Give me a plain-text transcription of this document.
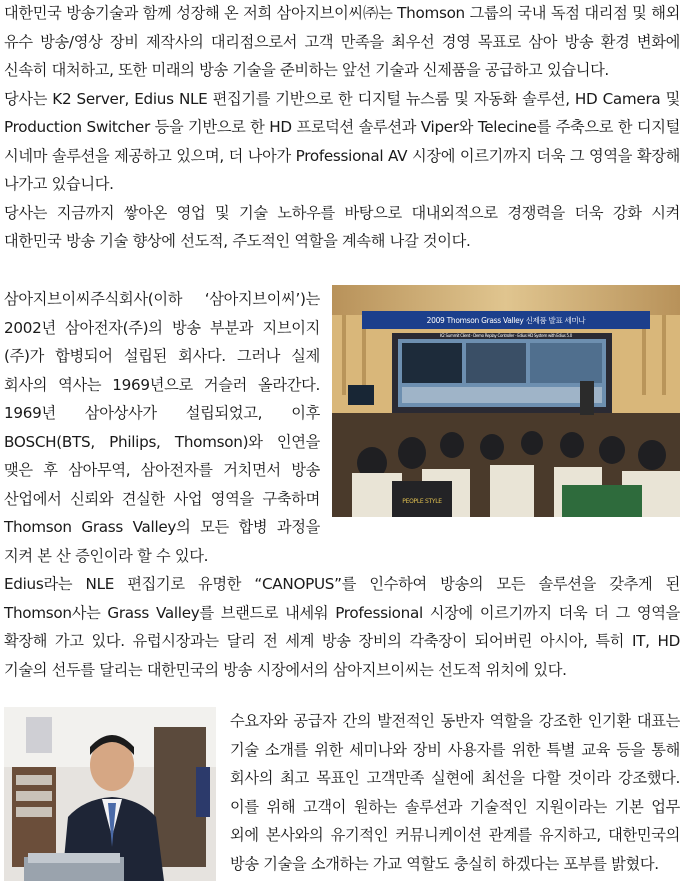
대한민국 방송기술과 함께 성장해 온 저희 삼아지브이씨㈜는 Thomson 그룹의 국내 독점 대리점 및 해외 유수 방송/영상 장비 제작사의 대리점으로서 고객 만족을 최우선 경영 목표로 삼아 방송 환경 변화에 신속히 대처하고, 또한 미래의 방송 기술을 준비하는 앞선 기술과 신제품을 공급하고 있습니다.

당사는 K2 Server, Edius NLE 편집기를 기반으로 한 디지털 뉴스룸 및 자동화 솔루션, HD Camera 및 Production Switcher 등을 기반으로 한 HD 프로덕션 솔루션과 Viper와 Telecine를 주축으로 한 디지털 시네마 솔루션을 제공하고 있으며, 더 나아가 Professional AV 시장에 이르기까지 더욱 그 영역을 확장해 나가고 있습니다.

당사는 지금까지 쌓아온 영업 및 기술 노하우를 바탕으로 대내외적으로 경쟁력을 더욱 강화 시켜 대한민국 방송 기술 향상에 선도적, 주도적인 역할을 계속해 나갈 것이다.

2009 Thomson Grass Valley 신제품 발표 세미나
K2 Summit Client - Demo Replay Controller - Edius HD System with Edius 5.0
PEOPLE STYLE

삼아지브이씨주식회사(이하 ‘삼아지브이씨’)는 2002년 삼아전자(주)의 방송 부분과 지브이지(주)가 합병되어 설립된 회사다. 그러나 실제 회사의 역사는 1969년으로 거슬러 올라간다. 1969년 삼아상사가 설립되었고, 이후 BOSCH(BTS, Philips, Thomson)와 인연을 맺은 후 삼아무역, 삼아전자를 거치면서 방송 산업에서 신뢰와 견실한 사업 영역을 구축하며 Thomson Grass Valley의 모든 합병 과정을 지켜 본 산 증인이라 할 수 있다.

Edius라는 NLE 편집기로 유명한 “CANOPUS”를 인수하여 방송의 모든 솔루션을 갖추게 된 Thomson사는 Grass Valley를 브랜드로 내세워 Professional 시장에 이르기까지 더욱 더 그 영역을 확장해 가고 있다. 유럽시장과는 달리 전 세계 방송 장비의 각축장이 되어버린 아시아, 특히 IT, HD 기술의 선두를 달리는 대한민국의 방송 시장에서의 삼아지브이씨는 선도적 위치에 있다.

수요자와 공급자 간의 발전적인 동반자 역할을 강조한 인기환 대표는 기술 소개를 위한 세미나와 장비 사용자를 위한 특별 교육 등을 통해 회사의 최고 목표인 고객만족 실현에 최선을 다할 것이라 강조했다. 이를 위해 고객이 원하는 솔루션과 기술적인 지원이라는 기본 업무 외에 본사와의 유기적인 커뮤니케이션 관계를 유지하고, 대한민국의 방송 기술을 소개하는 가교 역할도 충실히 하겠다는 포부를 밝혔다.
